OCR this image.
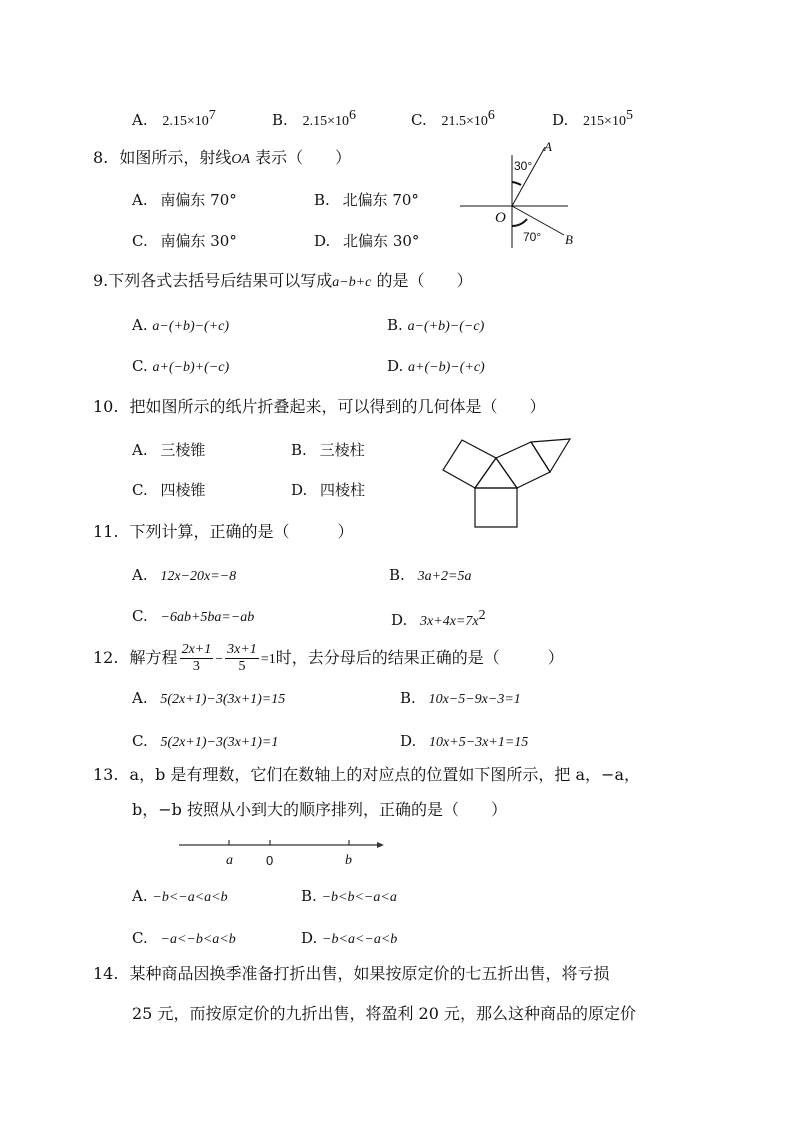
A. $2.15\times 10^7$	B. $2.15\times 10^6$	C. $21.5\times 10^6$	D. $215\times 10^5$
8. 如图所示，射线OA 表示（　　）
A. 南偏东 70°	B. 北偏东 70°
C. 南偏东 30°	D. 北偏东 30°
A
B
O
30°
70°
9.下列各式去括号后结果可以写成a−b+c 的是（　　）
A. a−(+b)−(+c)	B. a−(+b)−(−c)
C. a+(−b)+(−c)	D. a+(−b)−(+c)
10. 把如图所示的纸片折叠起来，可以得到的几何体是（　　）
A. 三棱锥	B. 三棱柱
C. 四棱锥	D. 四棱柱
11. 下列计算，正确的是（　　　）
A. 12x−20x=−8	B. 3a+2=5a
C. −6ab+5ba=−ab	D. $3x+4x=7x^2$
12. 解方程 $\frac{2x+1}{3} - \frac{3x+1}{5} =1$时，去分母后的结果正确的是（　　　）
A. 5(2x+1)−3(3x+1)=15	B. 10x−5−9x−3=1
C. 5(2x+1)−3(3x+1)=1	D. 10x+5−3x+1=15
13. a，b 是有理数，它们在数轴上的对应点的位置如下图所示，把 a，−a，
b，−b 按照从小到大的顺序排列，正确的是（　　）
a	0	b
A. −b<−a<a<b	B. −b<b<−a<a
C. −a<−b<a<b	D. −b<a<−a<b
14. 某种商品因换季准备打折出售，如果按原定价的七五折出售，将亏损
25 元，而按原定价的九折出售，将盈利 20 元，那么这种商品的原定价
